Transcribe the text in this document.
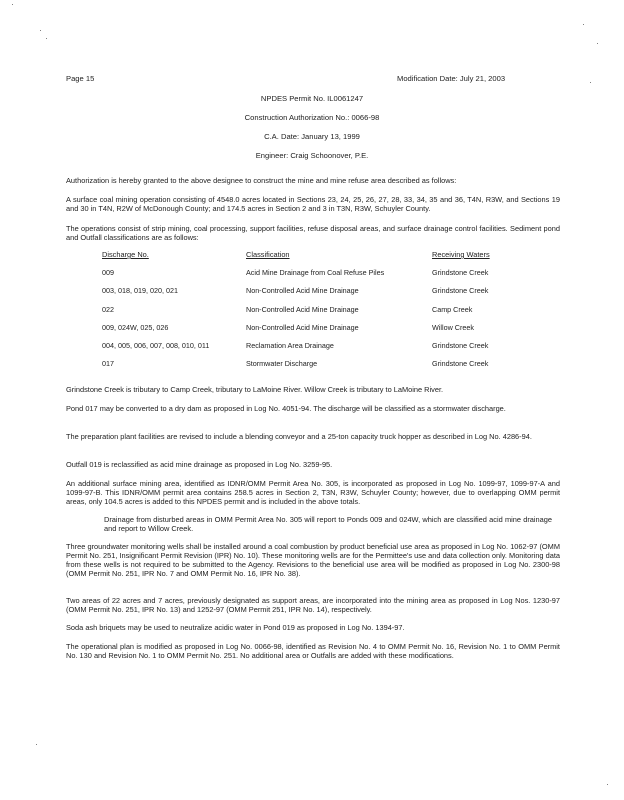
Page 15	Modification Date: July 21, 2003
NPDES Permit No. IL0061247
Construction Authorization No.: 0066-98
C.A. Date: January 13, 1999
Engineer: Craig Schoonover, P.E.

Authorization is hereby granted to the above designee to construct the mine and mine refuse area described as follows:

A surface coal mining operation consisting of 4548.0 acres located in Sections 23, 24, 25, 26, 27, 28, 33, 34, 35 and 36, T4N, R3W, and Sections 19 and 30 in T4N, R2W of McDonough County; and 174.5 acres in Section 2 and 3 in T3N, R3W, Schuyler County.

The operations consist of strip mining, coal processing, support facilities, refuse disposal areas, and surface drainage control facilities. Sediment pond and Outfall classifications are as follows:

Discharge No.	Classification	Receiving Waters
009	Acid Mine Drainage from Coal Refuse Piles	Grindstone Creek
003, 018, 019, 020, 021	Non-Controlled Acid Mine Drainage	Grindstone Creek
022	Non-Controlled Acid Mine Drainage	Camp Creek
009, 024W, 025, 026	Non-Controlled Acid Mine Drainage	Willow Creek
004, 005, 006, 007, 008, 010, 011	Reclamation Area Drainage	Grindstone Creek
017	Stormwater Discharge	Grindstone Creek

Grindstone Creek is tributary to Camp Creek, tributary to LaMoine River. Willow Creek is tributary to LaMoine River.

Pond 017 may be converted to a dry dam as proposed in Log No. 4051-94. The discharge will be classified as a stormwater discharge.

The preparation plant facilities are revised to include a blending conveyor and a 25-ton capacity truck hopper as described in Log No. 4286-94.

Outfall 019 is reclassified as acid mine drainage as proposed in Log No. 3259-95.

An additional surface mining area, identified as IDNR/OMM Permit Area No. 305, is incorporated as proposed in Log No. 1099-97, 1099-97-A and 1099-97-B. This IDNR/OMM permit area contains 258.5 acres in Section 2, T3N, R3W, Schuyler County; however, due to overlapping OMM permit areas, only 104.5 acres is added to this NPDES permit and is included in the above totals.

Drainage from disturbed areas in OMM Permit Area No. 305 will report to Ponds 009 and 024W, which are classified acid mine drainage and report to Willow Creek.

Three groundwater monitoring wells shall be installed around a coal combustion by product beneficial use area as proposed in Log No. 1062-97 (OMM Permit No. 251, Insignificant Permit Revision (IPR) No. 10). These monitoring wells are for the Permittee's use and data collection only. Monitoring data from these wells is not required to be submitted to the Agency. Revisions to the beneficial use area will be modified as proposed in Log No. 2300-98 (OMM Permit No. 251, IPR No. 7 and OMM Permit No. 16, IPR No. 38).

Two areas of 22 acres and 7 acres, previously designated as support areas, are incorporated into the mining area as proposed in Log Nos. 1230-97 (OMM Permit No. 251, IPR No. 13) and 1252-97 (OMM Permit 251, IPR No. 14), respectively.

Soda ash briquets may be used to neutralize acidic water in Pond 019 as proposed in Log No. 1394-97.

The operational plan is modified as proposed in Log No. 0066-98, identified as Revision No. 4 to OMM Permit No. 16, Revision No. 1 to OMM Permit No. 130 and Revision No. 1 to OMM Permit No. 251. No additional area or Outfalls are added with these modifications.
